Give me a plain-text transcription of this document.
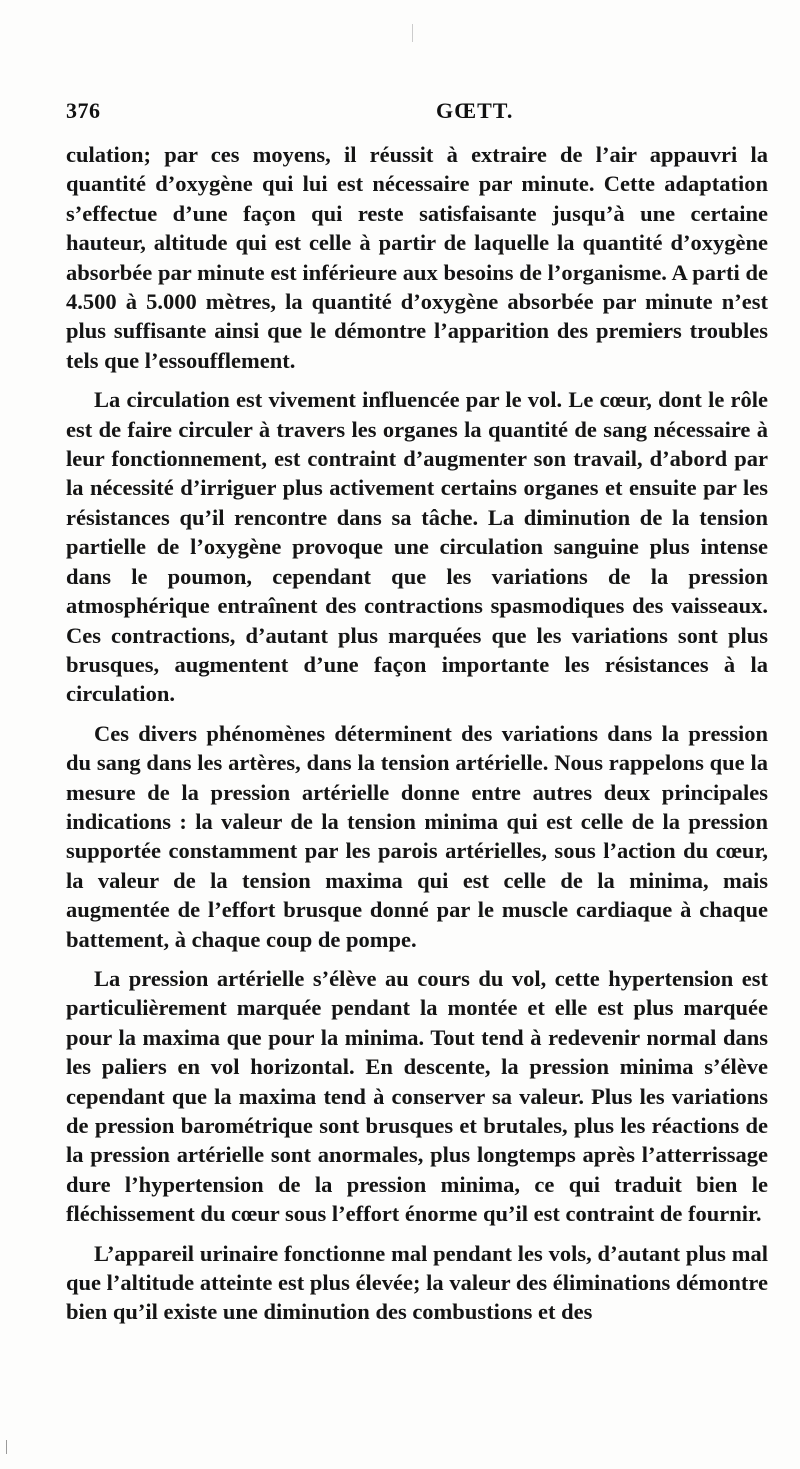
376	GŒTT.

culation; par ces moyens, il réussit à extraire de l’air appauvri la quantité d’oxygène qui lui est nécessaire par minute. Cette adaptation s’effectue d’une façon qui reste satisfaisante jusqu’à une certaine hauteur, altitude qui est celle à partir de laquelle la quantité d’oxygène absorbée par minute est inférieure aux besoins de l’organisme. A parti de 4.500 à 5.000 mètres, la quantité d’oxygène absorbée par minute n’est plus suffisante ainsi que le démontre l’apparition des premiers troubles tels que l’essoufflement.

La circulation est vivement influencée par le vol. Le cœur, dont le rôle est de faire circuler à travers les organes la quantité de sang nécessaire à leur fonctionnement, est contraint d’augmenter son travail, d’abord par la nécessité d’irriguer plus activement certains organes et ensuite par les résistances qu’il rencontre dans sa tâche. La diminution de la tension partielle de l’oxygène provoque une circulation sanguine plus intense dans le poumon, cependant que les variations de la pression atmosphérique entraînent des contractions spasmodiques des vaisseaux. Ces contractions, d’autant plus marquées que les variations sont plus brusques, augmentent d’une façon importante les résistances à la circulation.

Ces divers phénomènes déterminent des variations dans la pression du sang dans les artères, dans la tension artérielle. Nous rappelons que la mesure de la pression artérielle donne entre autres deux principales indications : la valeur de la tension minima qui est celle de la pression supportée constamment par les parois artérielles, sous l’action du cœur, la valeur de la tension maxima qui est celle de la minima, mais augmentée de l’effort brusque donné par le muscle cardiaque à chaque battement, à chaque coup de pompe.

La pression artérielle s’élève au cours du vol, cette hypertension est particulièrement marquée pendant la montée et elle est plus marquée pour la maxima que pour la minima. Tout tend à redevenir normal dans les paliers en vol horizontal. En descente, la pression minima s’élève cependant que la maxima tend à conserver sa valeur. Plus les variations de pression barométrique sont brusques et brutales, plus les réactions de la pression artérielle sont anormales, plus longtemps après l’atterrissage dure l’hypertension de la pression minima, ce qui traduit bien le fléchissement du cœur sous l’effort énorme qu’il est contraint de fournir.

L’appareil urinaire fonctionne mal pendant les vols, d’autant plus mal que l’altitude atteinte est plus élevée; la valeur des éliminations démontre bien qu’il existe une diminution des combustions et des
